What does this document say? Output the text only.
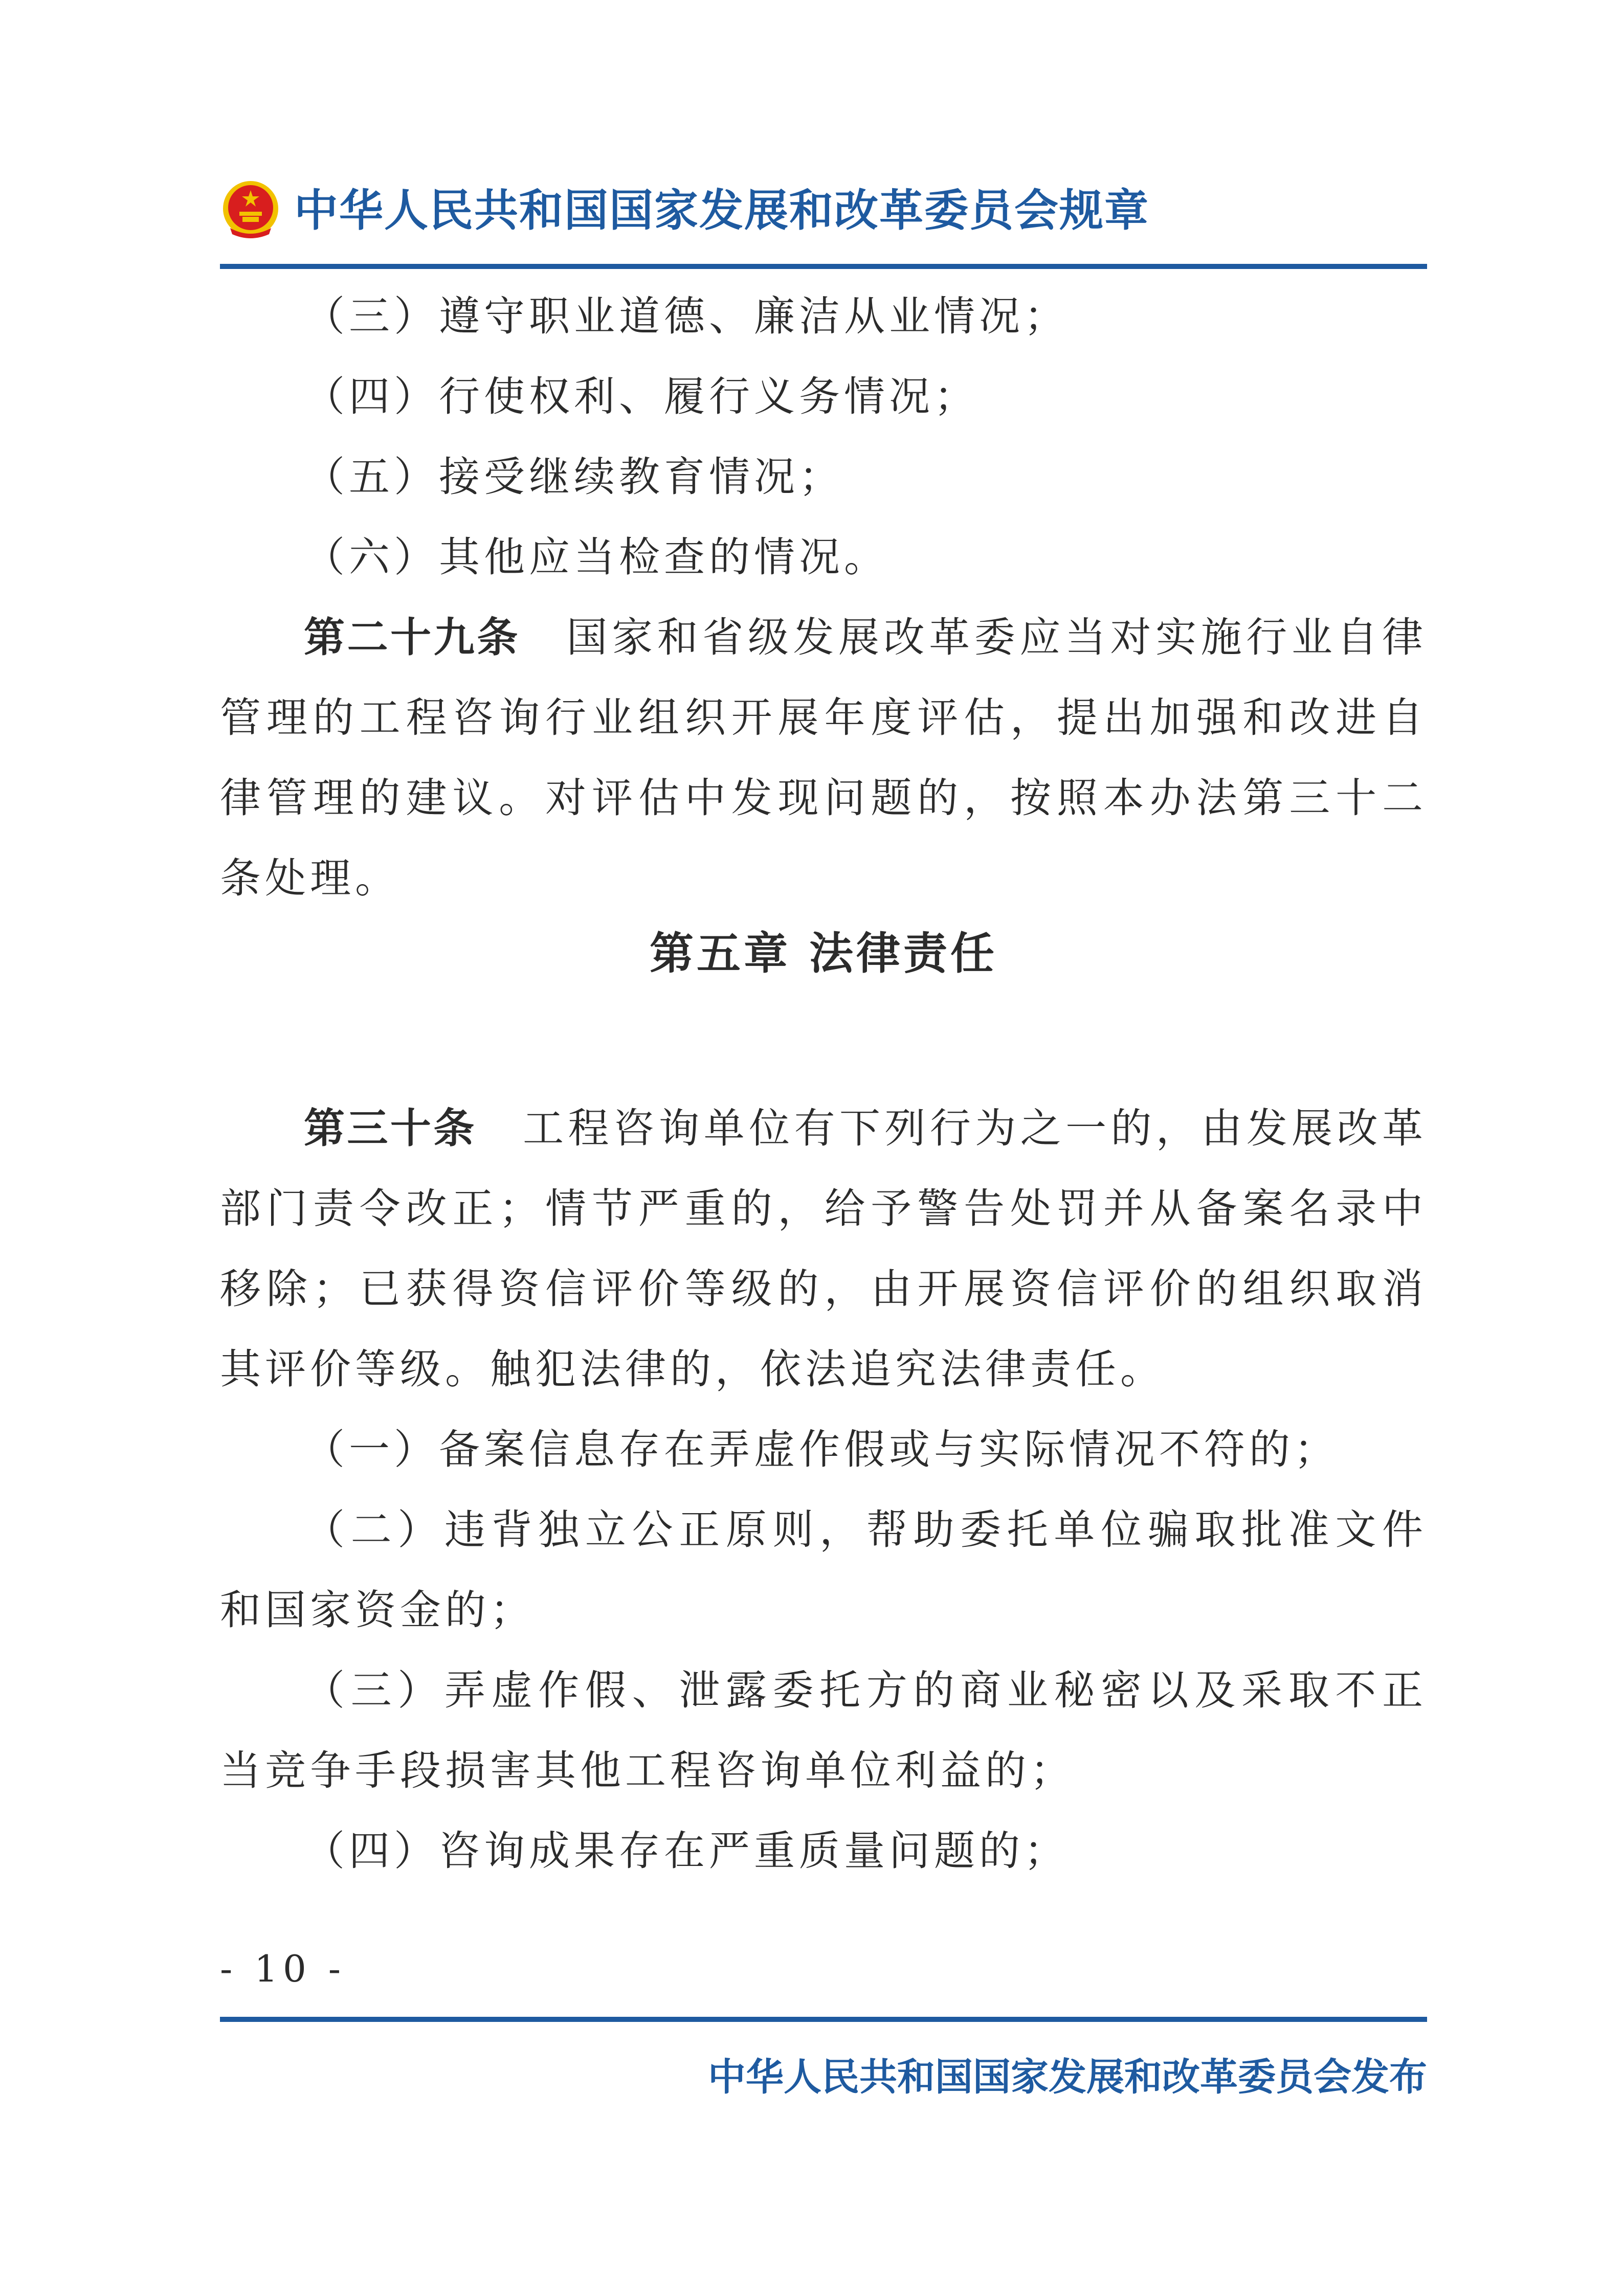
中华人民共和国国家发展和改革委员会规章

（三）遵守职业道德、廉洁从业情况；

（四）行使权利、履行义务情况；

（五）接受继续教育情况；

（六）其他应当检查的情况。

第二十九条 国家和省级发展改革委应当对实施行业自律管理的工程咨询行业组织开展年度评估，提出加强和改进自律管理的建议。对评估中发现问题的，按照本办法第三十二条处理。

第五章 法律责任

第三十条 工程咨询单位有下列行为之一的，由发展改革部门责令改正；情节严重的，给予警告处罚并从备案名录中移除；已获得资信评价等级的，由开展资信评价的组织取消其评价等级。触犯法律的，依法追究法律责任。

（一）备案信息存在弄虚作假或与实际情况不符的；

（二）违背独立公正原则，帮助委托单位骗取批准文件和国家资金的；

（三）弄虚作假、泄露委托方的商业秘密以及采取不正当竞争手段损害其他工程咨询单位利益的；

（四）咨询成果存在严重质量问题的；

- 10 -
中华人民共和国国家发展和改革委员会发布
